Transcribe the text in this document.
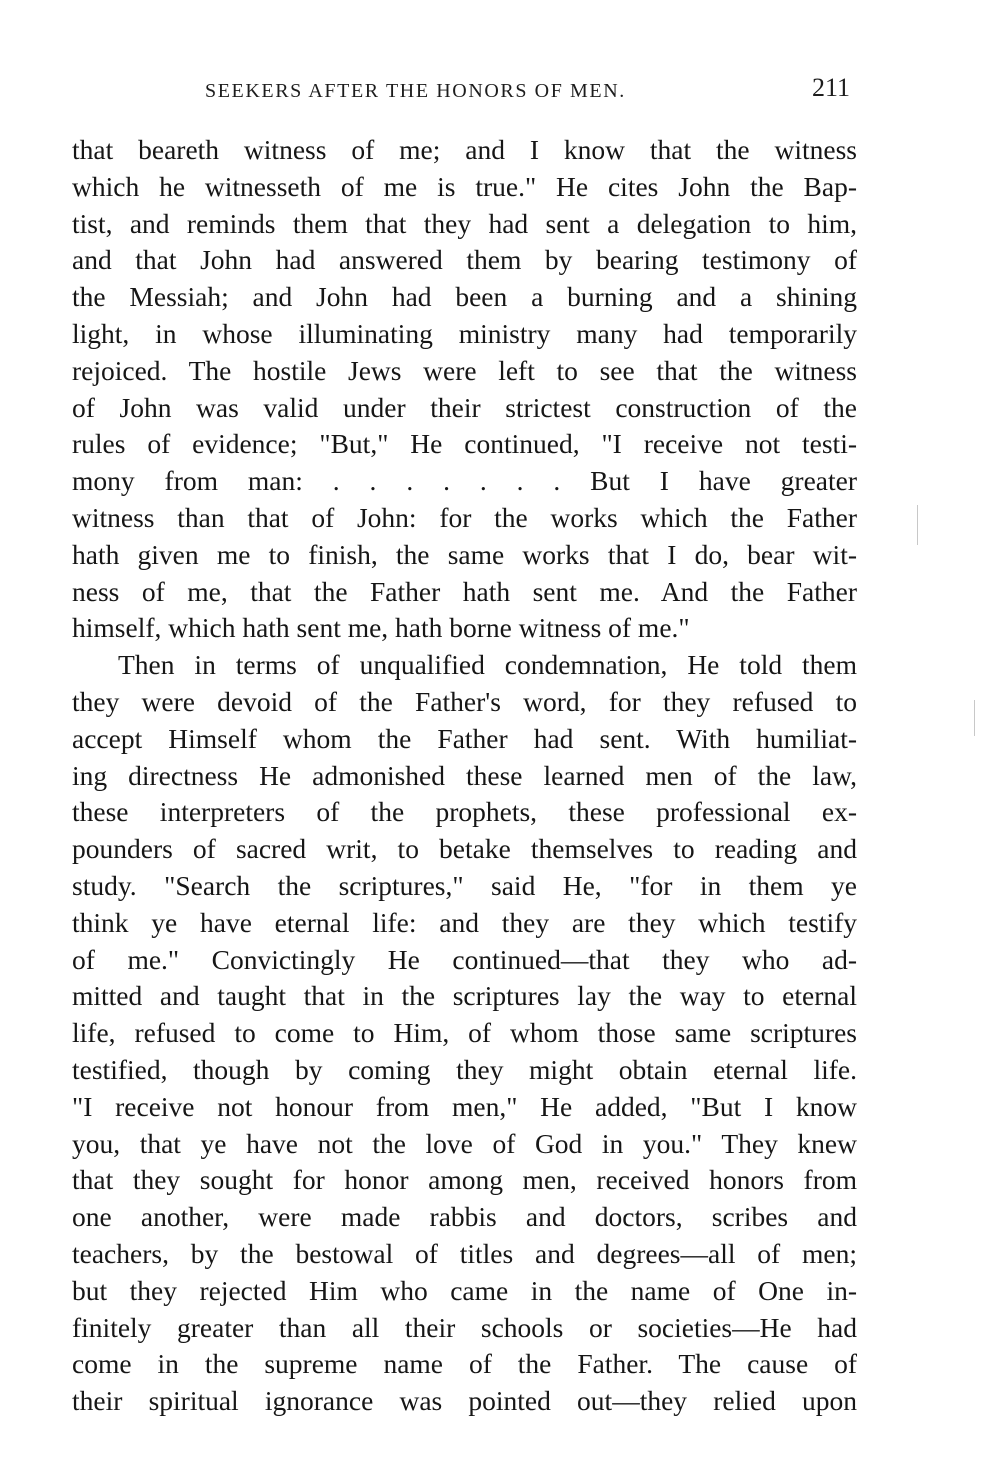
SEEKERS AFTER THE HONORS OF MEN.	211
that beareth witness of me; and I know that the witness
which he witnesseth of me is true." He cites John the Bap-
tist, and reminds them that they had sent a delegation to him,
and that John had answered them by bearing testimony of
the Messiah; and John had been a burning and a shining
light, in whose illuminating ministry many had temporarily
rejoiced. The hostile Jews were left to see that the witness
of John was valid under their strictest construction of the
rules of evidence; "But," He continued, "I receive not testi-
mony from man: . . . . . . . But I have greater
witness than that of John: for the works which the Father
hath given me to finish, the same works that I do, bear wit-
ness of me, that the Father hath sent me. And the Father
himself, which hath sent me, hath borne witness of me."
Then in terms of unqualified condemnation, He told them
they were devoid of the Father's word, for they refused to
accept Himself whom the Father had sent. With humiliat-
ing directness He admonished these learned men of the law,
these interpreters of the prophets, these professional ex-
pounders of sacred writ, to betake themselves to reading and
study. "Search the scriptures," said He, "for in them ye
think ye have eternal life: and they are they which testify
of me." Convictingly He continued—that they who ad-
mitted and taught that in the scriptures lay the way to eternal
life, refused to come to Him, of whom those same scriptures
testified, though by coming they might obtain eternal life.
"I receive not honour from men," He added, "But I know
you, that ye have not the love of God in you." They knew
that they sought for honor among men, received honors from
one another, were made rabbis and doctors, scribes and
teachers, by the bestowal of titles and degrees—all of men;
but they rejected Him who came in the name of One in-
finitely greater than all their schools or societies—He had
come in the supreme name of the Father. The cause of
their spiritual ignorance was pointed out—they relied upon
